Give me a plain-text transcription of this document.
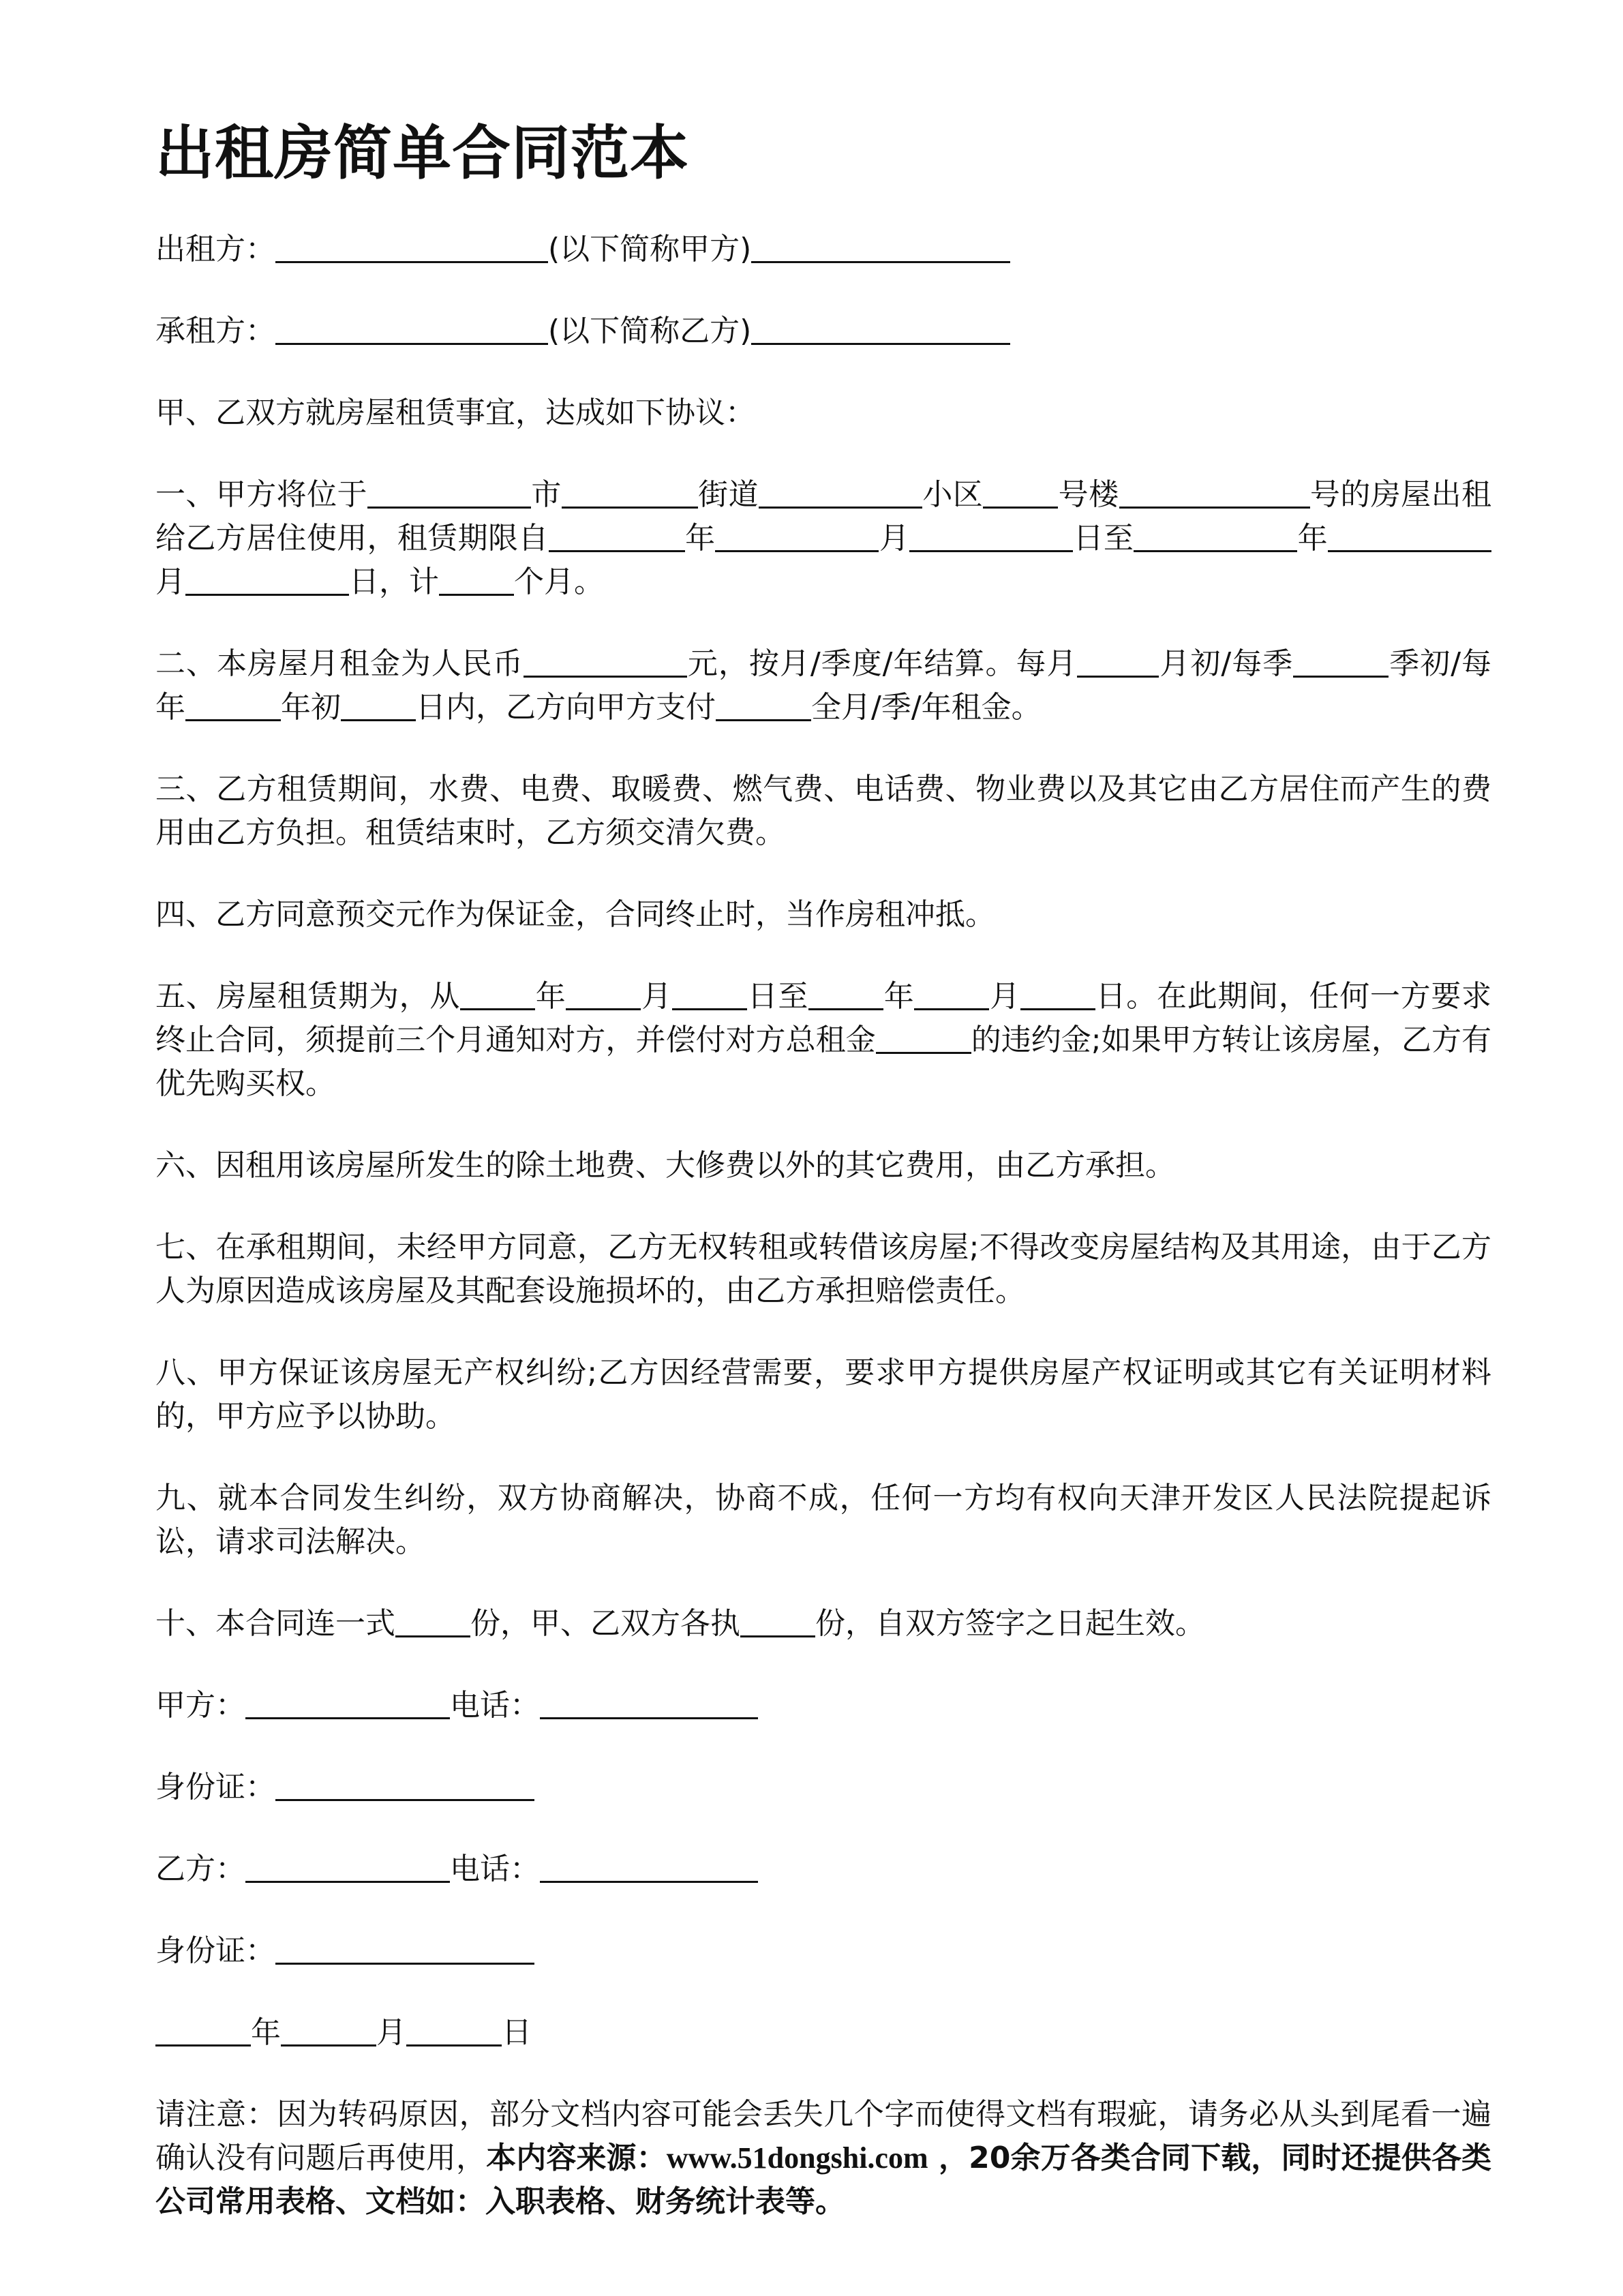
出租房简单合同范本
出租方：	(以下简称甲方)
承租方：	(以下简称乙方)
甲、乙双方就房屋租赁事宜，达成如下协议：
一、甲方将位于	市	街道	小区	号楼	号的房屋出租给乙方居住使用，租赁期限自	年	月	日至	年月	日，计	个月。
二、本房屋月租金为人民币	元，按月/季度/年结算。每月	月初/每季	季初/每年	年初	日内，乙方向甲方支付	全月/季/年租金。
三、乙方租赁期间，水费、电费、取暖费、燃气费、电话费、物业费以及其它由乙方居住而产生的费用由乙方负担。租赁结束时，乙方须交清欠费。
四、乙方同意预交元作为保证金，合同终止时，当作房租冲抵。
五、房屋租赁期为，从	年	月	日至	年	月	日。在此期间，任何一方要求终止合同，须提前三个月通知对方，并偿付对方总租金	的违约金;如果甲方转让该房屋，乙方有优先购买权。
六、因租用该房屋所发生的除土地费、大修费以外的其它费用，由乙方承担。
七、在承租期间，未经甲方同意，乙方无权转租或转借该房屋;不得改变房屋结构及其用途，由于乙方人为原因造成该房屋及其配套设施损坏的，由乙方承担赔偿责任。
八、甲方保证该房屋无产权纠纷;乙方因经营需要，要求甲方提供房屋产权证明或其它有关证明材料的，甲方应予以协助。
九、就本合同发生纠纷，双方协商解决，协商不成，任何一方均有权向天津开发区人民法院提起诉讼，请求司法解决。
十、本合同连一式	份，甲、乙双方各执	份，自双方签字之日起生效。
甲方：	电话：
身份证：
乙方：	电话：
身份证：
年	月	日
请注意：因为转码原因，部分文档内容可能会丢失几个字而使得文档有瑕疵，请务必从头到尾看一遍确认没有问题后再使用，本内容来源：www.51dongshi.com ，20余万各类合同下载，同时还提供各类公司常用表格、文档如：入职表格、财务统计表等。
